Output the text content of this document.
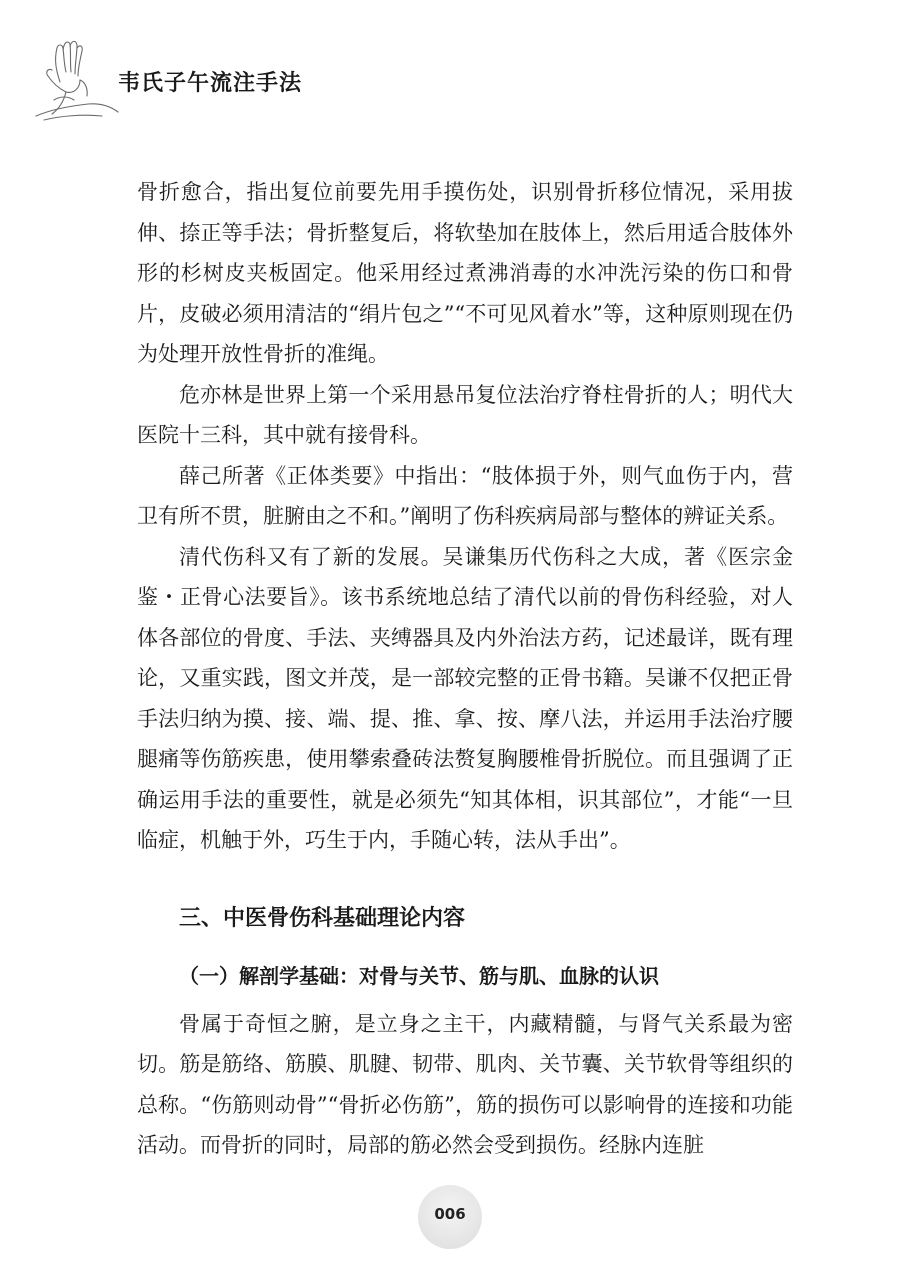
韦氏子午流注手法

骨折愈合，指出复位前要先用手摸伤处，识别骨折移位情况，采用拔伸、捺正等手法；骨折整复后，将软垫加在肢体上，然后用适合肢体外形的杉树皮夹板固定。他采用经过煮沸消毒的水冲洗污染的伤口和骨片，皮破必须用清洁的“绢片包之”“不可见风着水”等，这种原则现在仍为处理开放性骨折的准绳。

危亦林是世界上第一个采用悬吊复位法治疗脊柱骨折的人；明代大医院十三科，其中就有接骨科。

薛己所著《正体类要》中指出：“肢体损于外，则气血伤于内，营卫有所不贯，脏腑由之不和。”阐明了伤科疾病局部与整体的辨证关系。

清代伤科又有了新的发展。吴谦集历代伤科之大成，著《医宗金鉴・正骨心法要旨》。该书系统地总结了清代以前的骨伤科经验，对人体各部位的骨度、手法、夹缚器具及内外治法方药，记述最详，既有理论，又重实践，图文并茂，是一部较完整的正骨书籍。吴谦不仅把正骨手法归纳为摸、接、端、提、推、拿、按、摩八法，并运用手法治疗腰腿痛等伤筋疾患，使用攀索叠砖法赘复胸腰椎骨折脱位。而且强调了正确运用手法的重要性，就是必须先“知其体相，识其部位”，才能“一旦临症，机触于外，巧生于内，手随心转，法从手出”。

三、中医骨伤科基础理论内容
（一）解剖学基础：对骨与关节、筋与肌、血脉的认识

骨属于奇恒之腑，是立身之主干，内藏精髓，与肾气关系最为密切。筋是筋络、筋膜、肌腱、韧带、肌肉、关节囊、关节软骨等组织的总称。“伤筋则动骨”“骨折必伤筋”，筋的损伤可以影响骨的连接和功能活动。而骨折的同时，局部的筋必然会受到损伤。经脉内连脏

006
